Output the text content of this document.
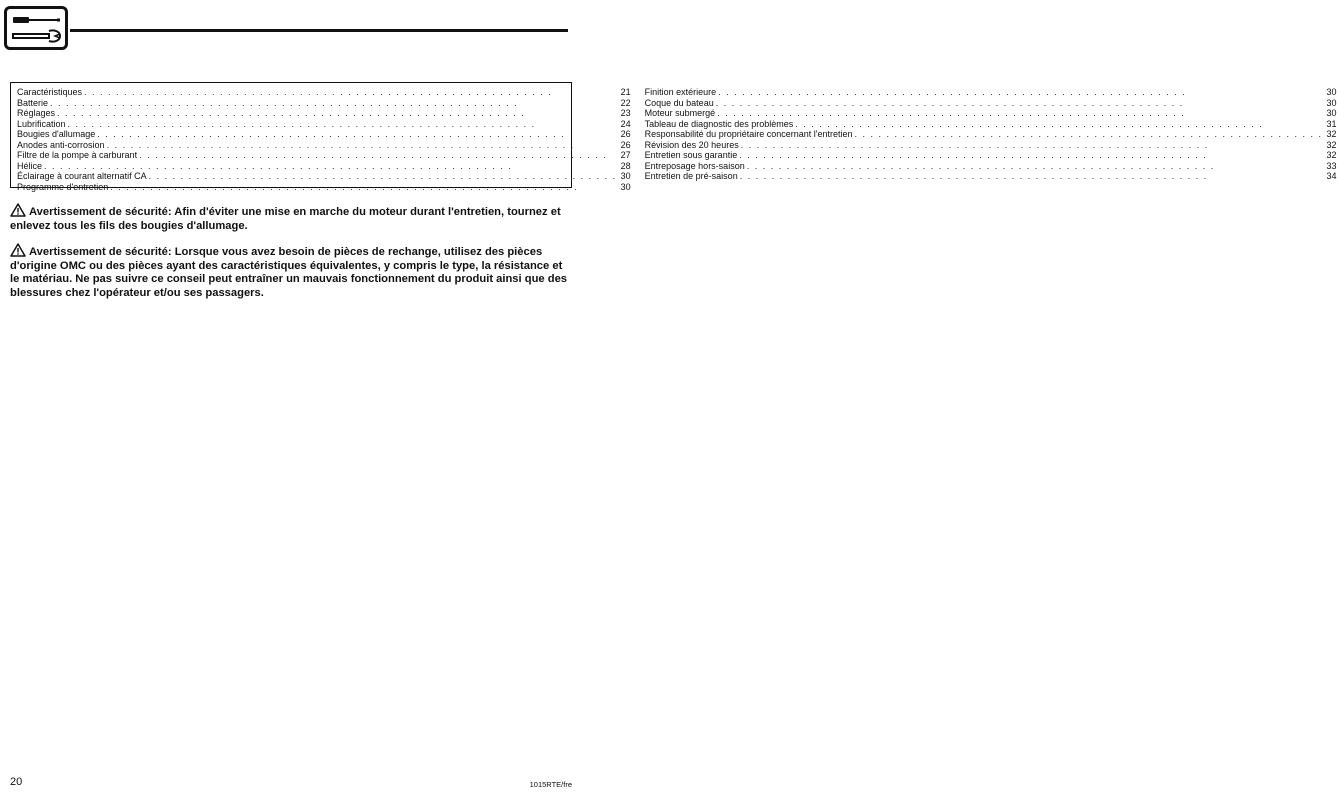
Caractéristiques . . .	21
Batterie . . .	22
Réglages . . .	23
Lubrification . . .	24
Bougies d'allumage . . .	26
Anodes anti-corrosion . . .	26
Filtre de la pompe à carburant . . .	27
Hélice . . .	28
Éclairage à courant alternatif CA . . .	30
Programme d'entretien . . .	30
Finition extérieure . . .	30
Coque du bateau . . .	30
Moteur submergé . . .	30
Tableau de diagnostic des problèmes . . .	31
Responsabilité du propriétaire concernant l'entretien . . .	32
Révision des 20 heures . . .	32
Entretien sous garantie . . .	32
Entreposage hors-saison . . .	33
Entretien de pré-saison . . .	34
Avertissement de sécurité: Afin d'éviter une mise en marche du moteur durant l'entretien, tournez et enlevez tous les fils des bougies d'allumage.
Avertissement de sécurité: Lorsque vous avez besoin de pièces de rechange, utilisez des pièces d'origine OMC ou des pièces ayant des caractéristiques équivalentes, y compris le type, la résistance et le matériau. Ne pas suivre ce conseil peut entraîner un mauvais fonctionnement du produit ainsi que des blessures chez l'opérateur et/ou ses passagers.
20	1015RTE/fre
